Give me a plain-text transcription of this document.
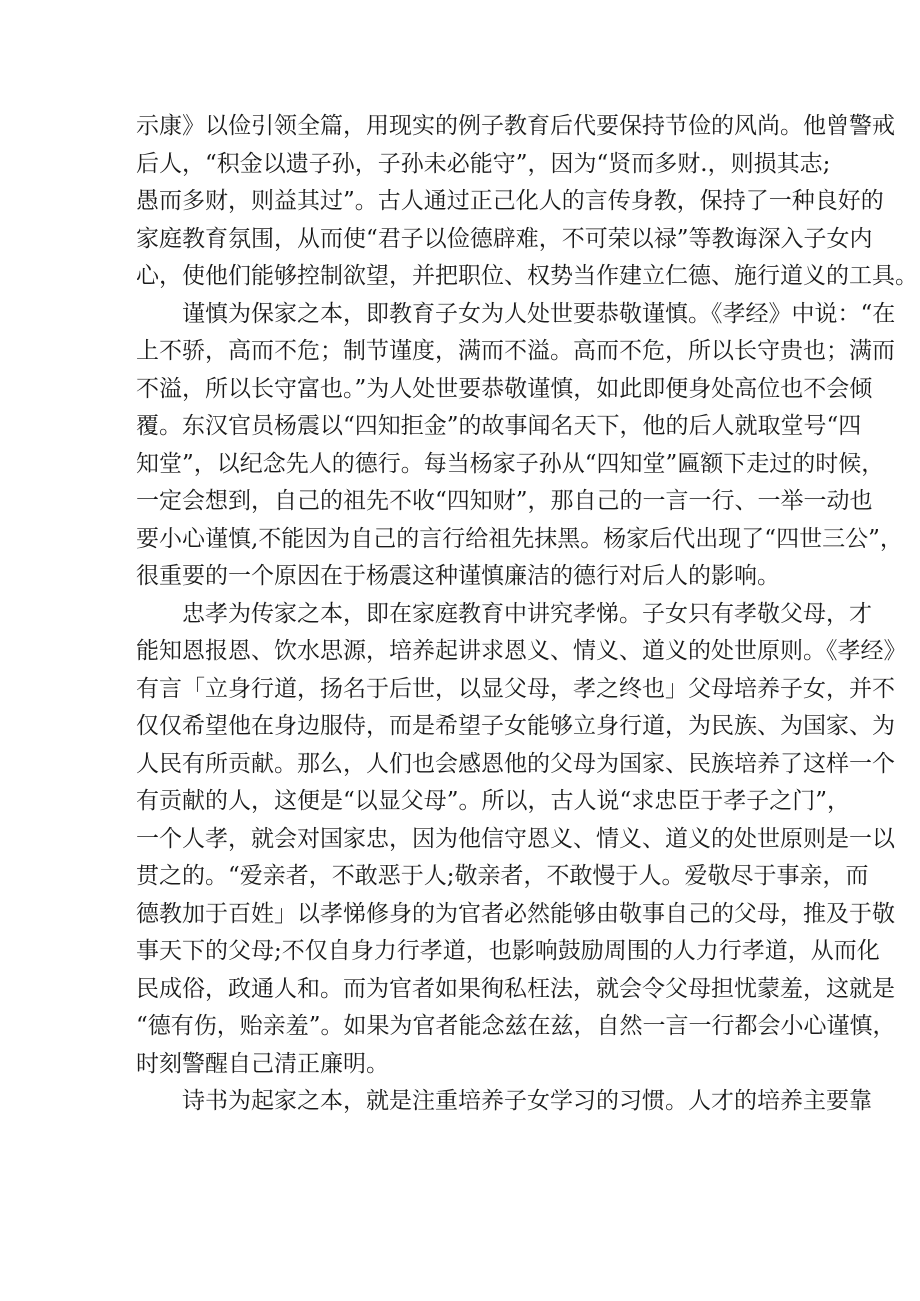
示康》以俭引领全篇，用现实的例子教育后代要保持节俭的风尚。他曾警戒
后人，“积金以遗子孙，子孙未必能守”，因为“贤而多财.，则损其志;
愚而多财，则益其过”。古人通过正己化人的言传身教，保持了一种良好的
家庭教育氛围，从而使“君子以俭德辟难，不可荣以禄”等教诲深入子女内
心，使他们能够控制欲望，并把职位、权势当作建立仁德、施行道义的工具。
谨慎为保家之本，即教育子女为人处世要恭敬谨慎。《孝经》中说：“在
上不骄，高而不危；制节谨度，满而不溢。高而不危，所以长守贵也；满而
不溢，所以长守富也。”为人处世要恭敬谨慎，如此即便身处高位也不会倾
覆。东汉官员杨震以“四知拒金”的故事闻名天下，他的后人就取堂号“四
知堂”，以纪念先人的德行。每当杨家子孙从“四知堂”匾额下走过的时候，
一定会想到，自己的祖先不收“四知财”，那自己的一言一行、一举一动也
要小心谨慎,不能因为自己的言行给祖先抹黑。杨家后代出现了“四世三公”，
很重要的一个原因在于杨震这种谨慎廉洁的德行对后人的影响。
忠孝为传家之本，即在家庭教育中讲究孝悌。子女只有孝敬父母，才
能知恩报恩、饮水思源，培养起讲求恩义、情义、道义的处世原则。《孝经》
有言「立身行道，扬名于后世，以显父母，孝之终也」父母培养子女，并不
仅仅希望他在身边服侍，而是希望子女能够立身行道，为民族、为国家、为
人民有所贡献。那么，人们也会感恩他的父母为国家、民族培养了这样一个
有贡献的人，这便是“以显父母”。所以，古人说“求忠臣于孝子之门”，
一个人孝，就会对国家忠，因为他信守恩义、情义、道义的处世原则是一以
贯之的。“爱亲者，不敢恶于人;敬亲者，不敢慢于人。爱敬尽于事亲，而
德教加于百姓」以孝悌修身的为官者必然能够由敬事自己的父母，推及于敬
事天下的父母;不仅自身力行孝道，也影响鼓励周围的人力行孝道，从而化
民成俗，政通人和。而为官者如果徇私枉法，就会令父母担忧蒙羞，这就是
“德有伤，贻亲羞”。如果为官者能念兹在兹，自然一言一行都会小心谨慎，
时刻警醒自己清正廉明。
诗书为起家之本，就是注重培养子女学习的习惯。人才的培养主要靠
